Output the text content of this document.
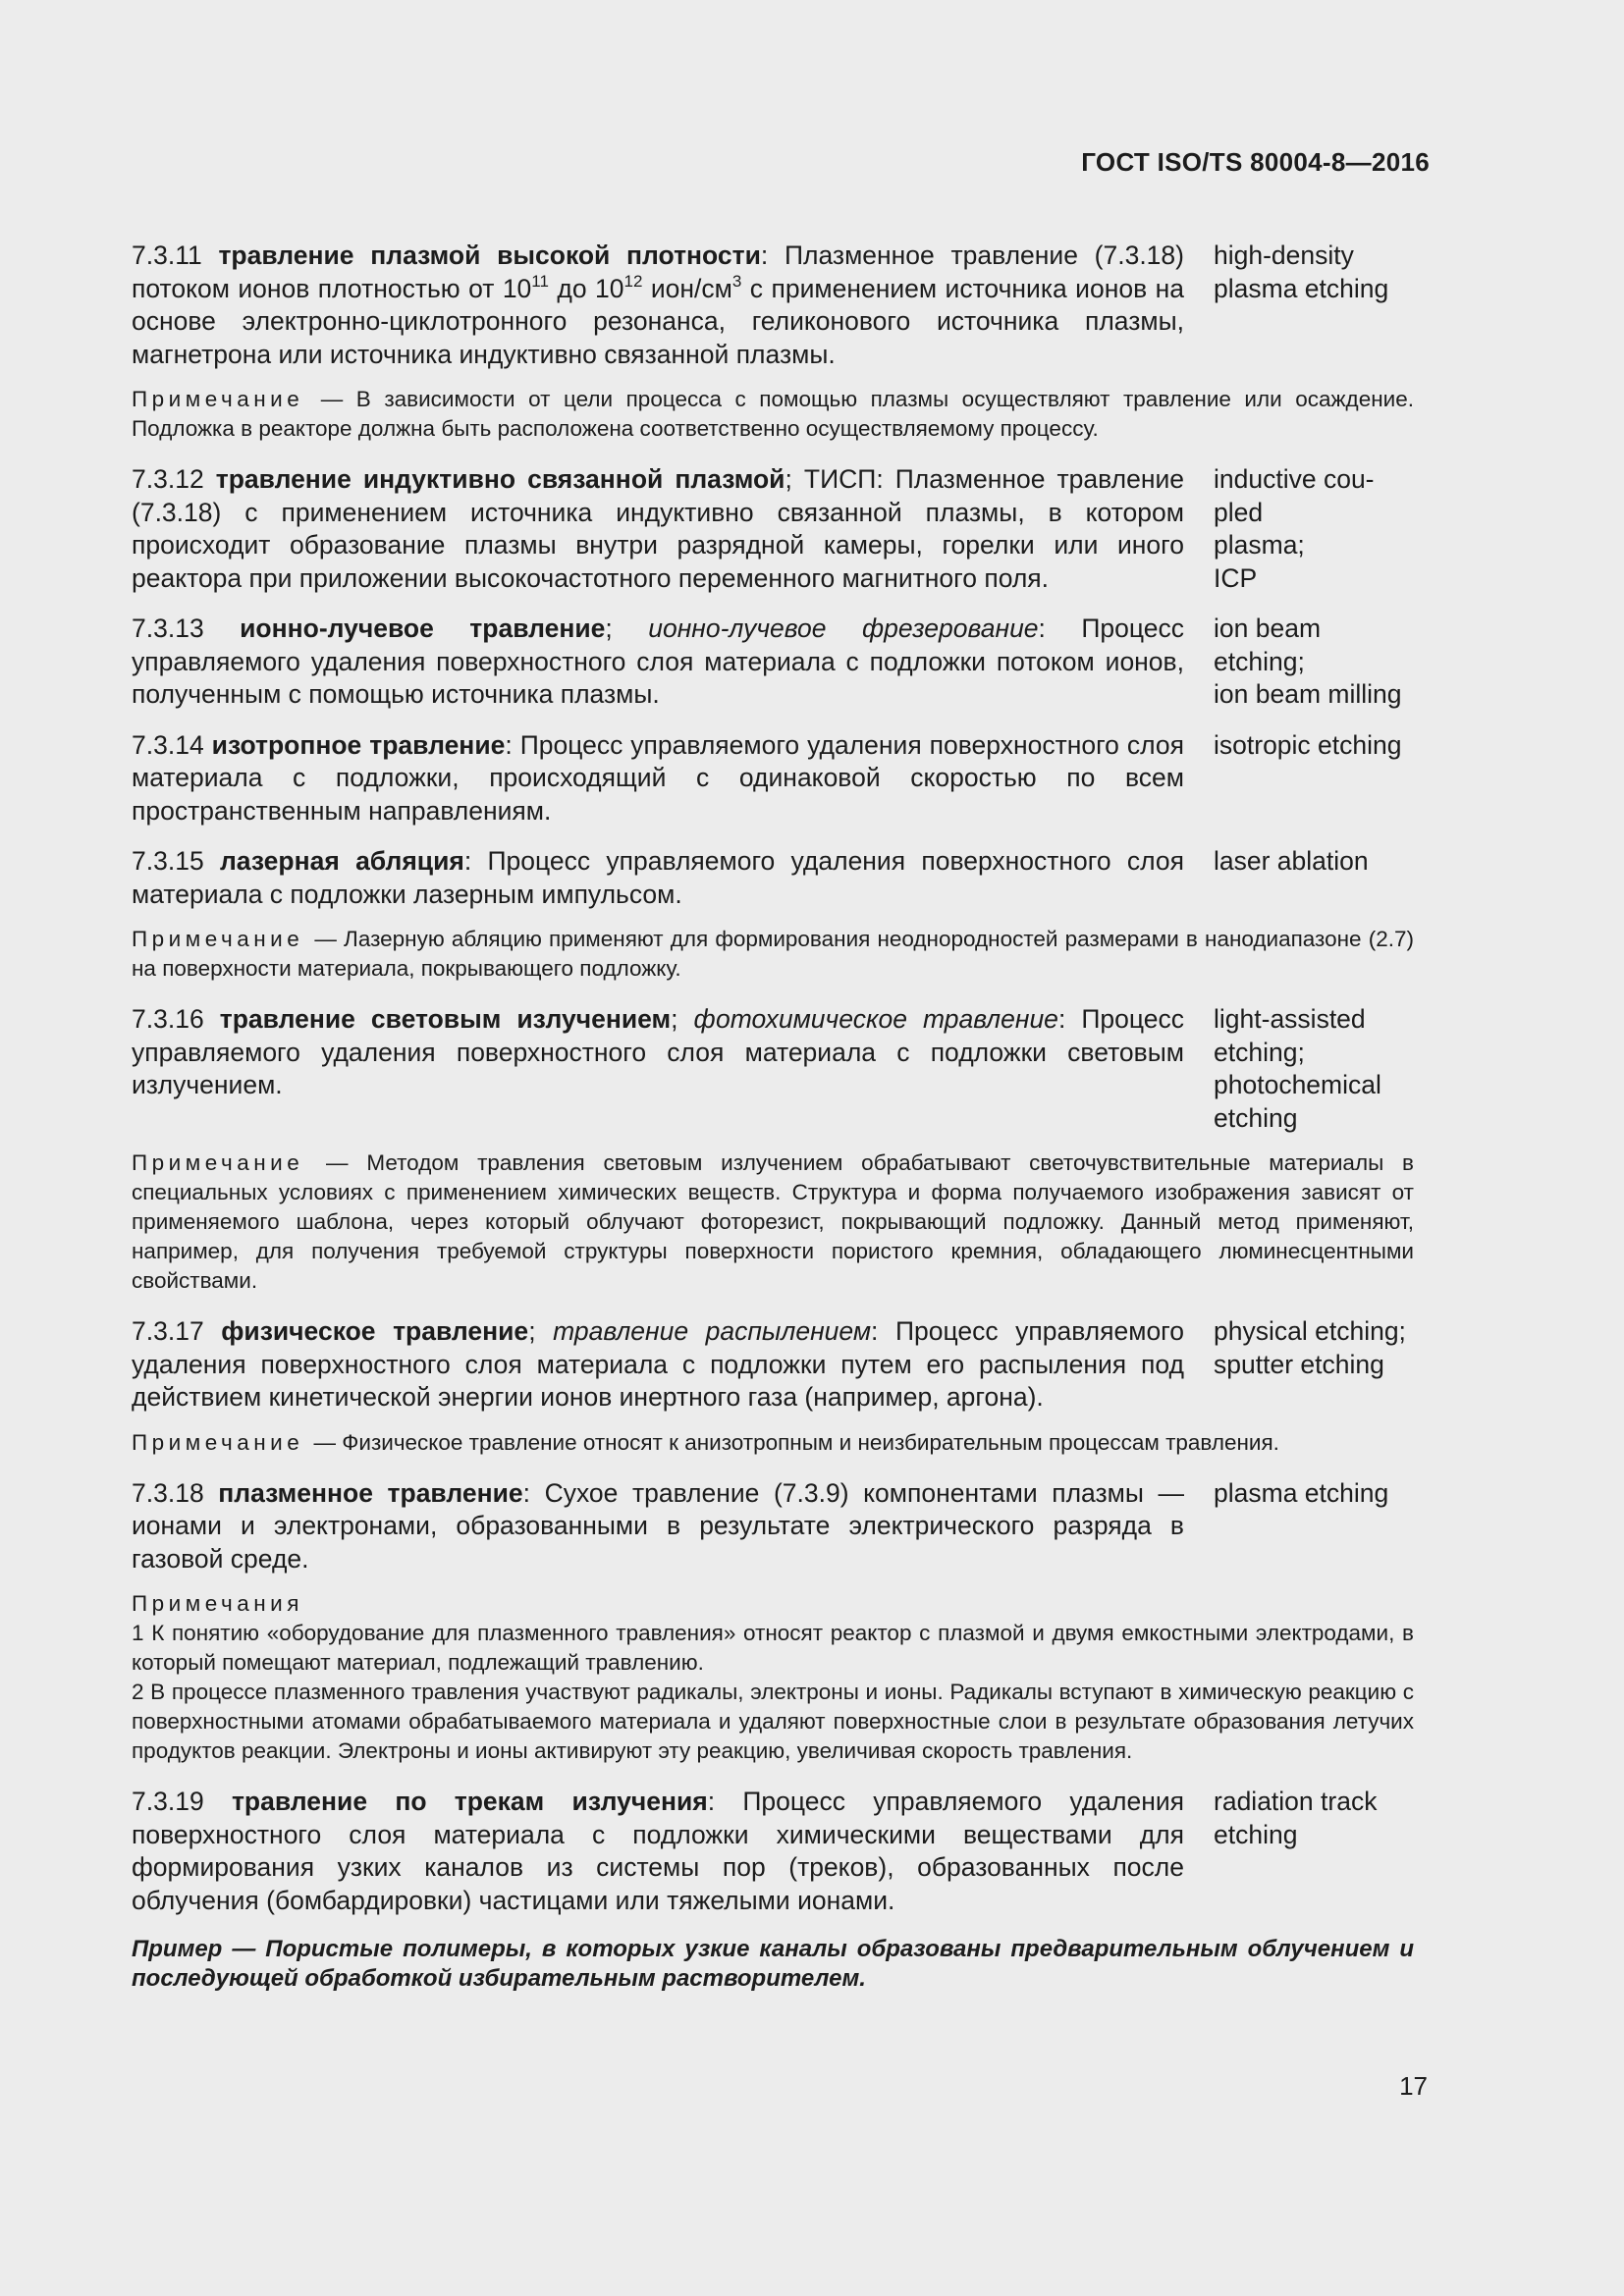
ГОСТ ISO/TS 80004-8—2016
7.3.11 травление плазмой высокой плотности: Плазменное травление (7.3.18) потоком ионов плотностью от $10^{11}$ до $10^{12}$ ион/$см^3$ с применением источника ионов на основе электронно-циклотронного резонанса, геликонового источника плазмы, магнетрона или источника индуктивно связанной плазмы.
high-density
plasma etching
Примечание — В зависимости от цели процесса с помощью плазмы осуществляют травление или осаждение. Подложка в реакторе должна быть расположена соответственно осуществляемому процессу.
7.3.12 травление индуктивно связанной плазмой; ТИСП: Плазменное травление (7.3.18) с применением источника индуктивно связанной плазмы, в котором происходит образование плазмы внутри разрядной камеры, горелки или иного реактора при приложении высокочастотного переменного магнитного поля.
inductive cou-
pled
plasma;
ICP
7.3.13 ионно-лучевое травление; ионно-лучевое фрезерование: Процесс управляемого удаления поверхностного слоя материала с подложки потоком ионов, полученным с помощью источника плазмы.
ion beam
etching;
ion beam milling
7.3.14 изотропное травление: Процесс управляемого удаления поверхностного слоя материала с подложки, происходящий с одинаковой скоростью по всем пространственным направлениям.
isotropic etching
7.3.15 лазерная абляция: Процесс управляемого удаления поверхностного слоя материала с подложки лазерным импульсом.
laser ablation
Примечание — Лазерную абляцию применяют для формирования неоднородностей размерами в нанодиапазоне (2.7) на поверхности материала, покрывающего подложку.
7.3.16 травление световым излучением; фотохимическое травление: Процесс управляемого удаления поверхностного слоя материала с подложки световым излучением.
light-assisted
etching;
photochemical
etching
Примечание — Методом травления световым излучением обрабатывают светочувствительные материалы в специальных условиях с применением химических веществ. Структура и форма получаемого изображения зависят от применяемого шаблона, через который облучают фоторезист, покрывающий подложку. Данный метод применяют, например, для получения требуемой структуры поверхности пористого кремния, обладающего люминесцентными свойствами.
7.3.17 физическое травление; травление распылением: Процесс управляемого удаления поверхностного слоя материала с подложки путем его распыления под действием кинетической энергии ионов инертного газа (например, аргона).
physical etching;
sputter etching
Примечание — Физическое травление относят к анизотропным и неизбирательным процессам травления.
7.3.18 плазменное травление: Сухое травление (7.3.9) компонентами плазмы — ионами и электронами, образованными в результате электрического разряда в газовой среде.
plasma etching
Примечания
1 К понятию «оборудование для плазменного травления» относят реактор с плазмой и двумя емкостными электродами, в который помещают материал, подлежащий травлению.
2 В процессе плазменного травления участвуют радикалы, электроны и ионы. Радикалы вступают в химическую реакцию с поверхностными атомами обрабатываемого материала и удаляют поверхностные слои в результате образования летучих продуктов реакции. Электроны и ионы активируют эту реакцию, увеличивая скорость травления.
7.3.19 травление по трекам излучения: Процесс управляемого удаления поверхностного слоя материала с подложки химическими веществами для формирования узких каналов из системы пор (треков), образованных после облучения (бомбардировки) частицами или тяжелыми ионами.
radiation track
etching
Пример — Пористые полимеры, в которых узкие каналы образованы предварительным облучением и последующей обработкой избирательным растворителем.
17
